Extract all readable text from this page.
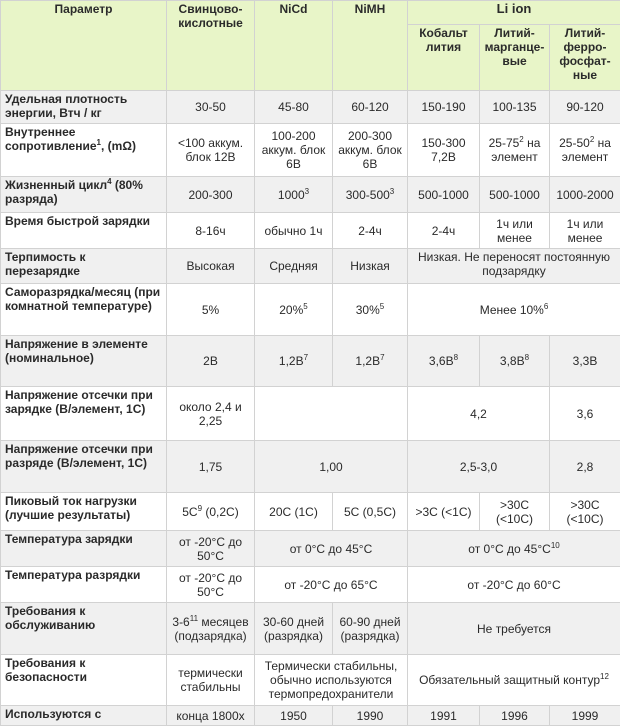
Параметр	Свинцово-кислотные	NiCd	NiMH	Li ion		
				Кобальт лития	Литий-марганце-вые	Литий-ферро-фосфат-ные
Удельная плотность энергии, Втч / кг	30-50	45-80	60-120	150-190	100-135	90-120
Внутреннее сопротивление$^1$, (mΩ)	<100 аккум. блок 12В	100-200 аккум. блок 6В	200-300 аккум. блок 6В	150-300 7,2В	$25-75^2$ на элемент	$25-50^2$ на элемент
Жизненный цикл$^4$ (80% разряда)	200-300	1000$^3$	$300-500^3$	500-1000	500-1000	1000-2000
Время быстрой зарядки	8-16ч	обычно 1ч	2-4ч	2-4ч	1ч или менее	1ч или менее
Терпимость к перезарядке	Высокая	Средняя	Низкая	Низкая. Не переносят постоянную подзарядку		
Саморазрядка/месяц (при комнатной температуре)	5%	20%$^5$	30%$^5$	Менее 10%$^6$
Напряжение в элементе (номинальное)	2В	$1,2В^7$	$1,2В^7$	$3,6В^8$	$3,8В^8$	3,3В
Напряжение отсечки при зарядке (В/элемент, 1С)	около 2,4 и 2,25			4,2		3,6
Напряжение отсечки при разряде (В/элемент, 1С)	1,75	1,00		2,5-3,0		2,8
Пиковый ток нагрузки (лучшие результаты)	$5С^9$ (0,2С)	20С (1С)	5С (0,5С)	>3С (<1С)	>30С (<10С)	>30С (<10С)
Температура зарядки	от -20°C до 50°C	от 0°C до 45°C		от 0°C до $45^\circ C^{10}$
Температура разрядки	от -20°C до 50°C	от -20°C до 65°C		от -20°C до 60°C		
Требования к обслуживанию	$3-6^{11}$ месяцев (подзарядка)	30-60 дней (разрядка)	60-90 дней (разрядка)	Не требуется		
Требования к безопасности	термически стабильны	Термически стабильны, обычно используются термопредохранители		Обязательный защитный контур$^{12}$
Используются с	конца 1800х	1950	1990	1991	1996	1999
